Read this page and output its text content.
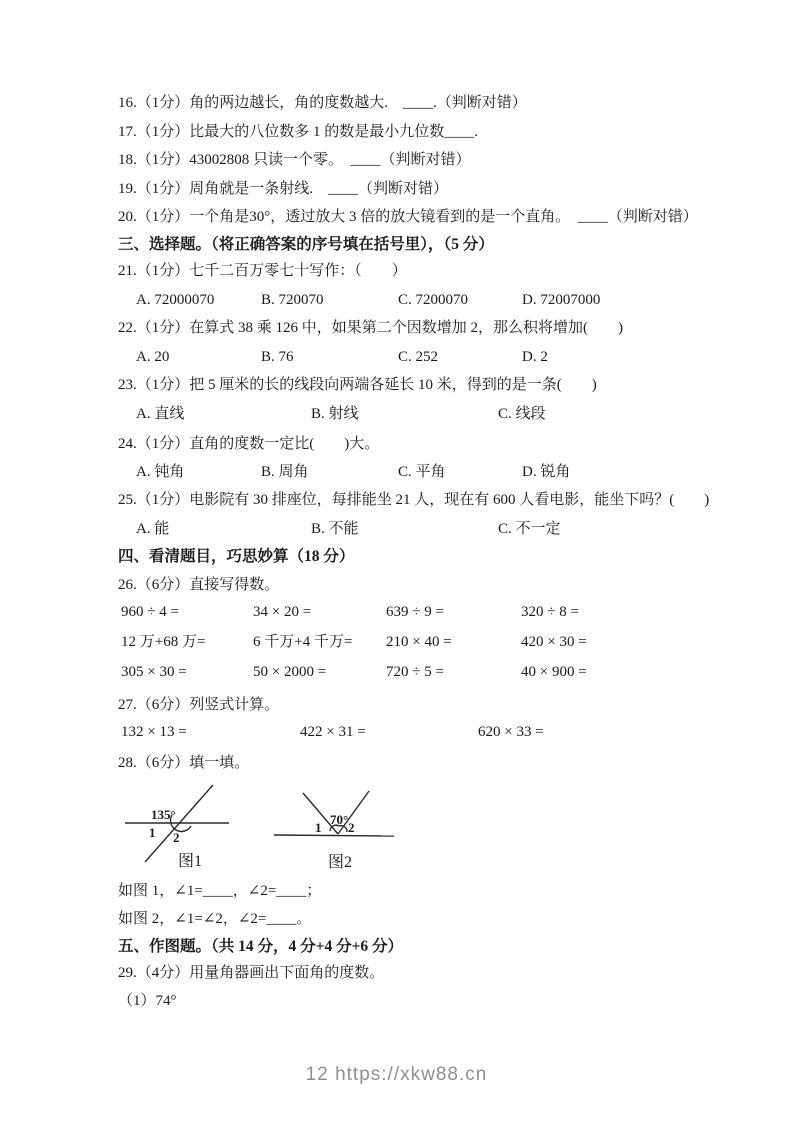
16.（1分）角的两边越长，角的度数越大.　____.（判断对错）
17.（1分）比最大的八位数多 1 的数是最小九位数____.
18.（1分）43002808 只读一个零。　____（判断对错）
19.（1分）周角就是一条射线.　____（判断对错）
20.（1分）一个角是30°，透过放大 3 倍的放大镜看到的是一个直角。　____（判断对错）
三、选择题。（将正确答案的序号填在括号里），（5 分）
21.（1分）七千二百万零七十写作：（　　）
A. 72000070	B. 720070	C. 7200070	D. 72007000
22.（1分）在算式 38 乘 126 中，如果第二个因数增加 2，那么积将增加(　　)
A. 20	B. 76	C. 252	D. 2
23.（1分）把 5 厘米的长的线段向两端各延长 10 米，得到的是一条(　　)
A. 直线	B. 射线	C. 线段
24.（1分）直角的度数一定比(　　)大。
A. 钝角	B. 周角	C. 平角	D. 锐角
25.（1分）电影院有 30 排座位，每排能坐 21 人，现在有 600 人看电影，能坐下吗？(　　)
A. 能	B. 不能	C. 不一定
四、看清题目，巧思妙算（18 分）
26.（6分）直接写得数。
960 ÷ 4 =	34 × 20 =	639 ÷ 9 =	320 ÷ 8 =
12 万+68 万=	6 千万+4 千万= 210 × 40 =	420 × 30 =
305 × 30 =	50 × 2000 =	720 ÷ 5 =	40 × 900 =
27.（6分）列竖式计算。
132 × 13 =	422 × 31 =	620 × 33 =
28.（6分）填一填。
135°
1 2
图1
70°
1 2
图2
如图 1，∠1=____，∠2=____；
如图 2，∠1=∠2，∠2=____。
五、作图题。（共 14 分，4 分+4 分+6 分）
29.（4分）用量角器画出下面角的度数。
（1）74°
12 https://xkw88.cn
